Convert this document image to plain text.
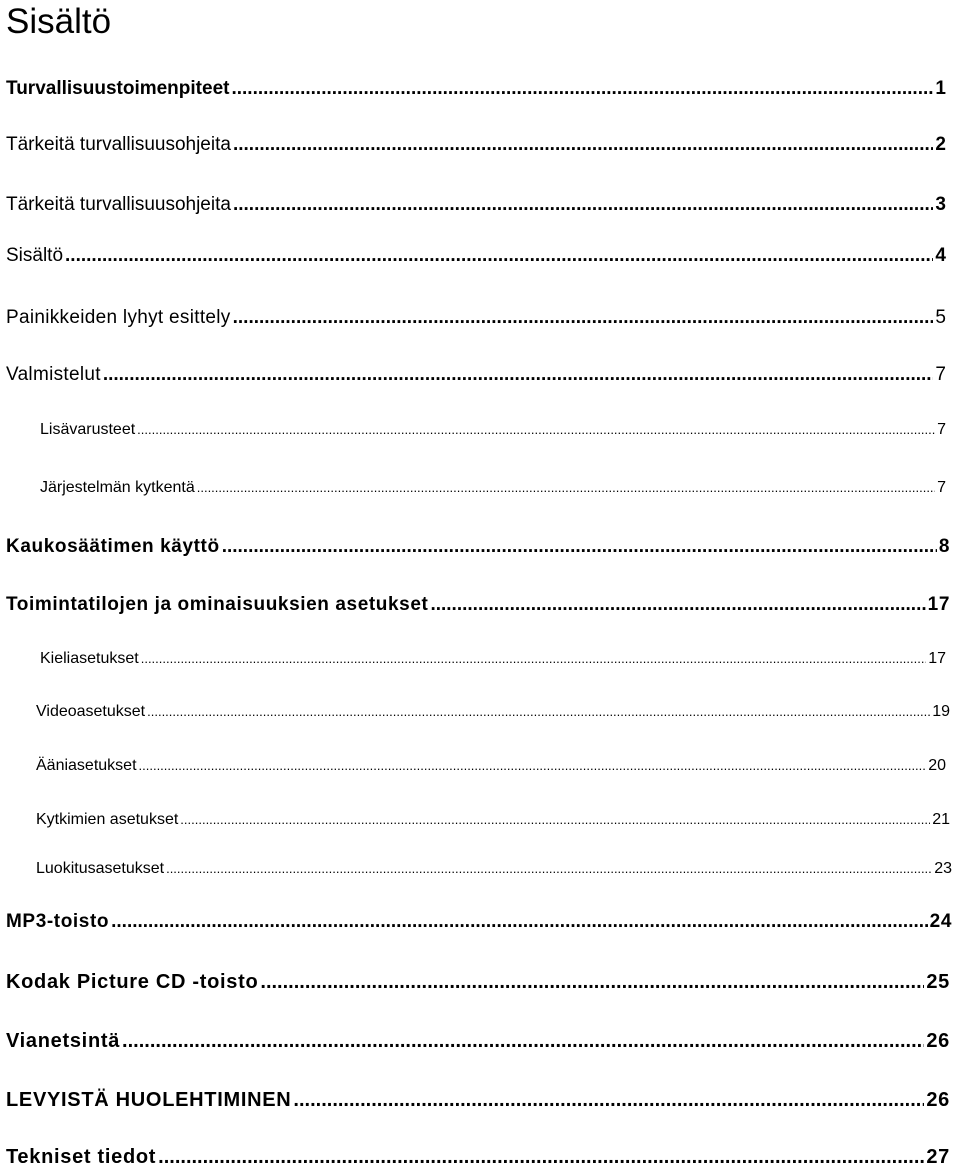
Sisältö
Turvallisuustoimenpiteet .....	1
Tärkeitä turvallisuusohjeita .....	2
Tärkeitä turvallisuusohjeita .....	3
Sisältö .....	4
Painikkeiden lyhyt esittely .....	5
Valmistelut .....	7
Lisävarusteet .....	7
Järjestelmän kytkentä .....	7
Kaukosäätimen käyttö .....	8
Toimintatilojen ja ominaisuuksien asetukset .....	17
Kieliasetukset .....	17
Videoasetukset .....	19
Ääniasetukset .....	20
Kytkimien asetukset .....	21
Luokitusasetukset .....	23
MP3-toisto .....	24
Kodak Picture CD -toisto .....	25
Vianetsintä .....	26
LEVYISTÄ HUOLEHTIMINEN .....	26
Tekniset tiedot .....	27
